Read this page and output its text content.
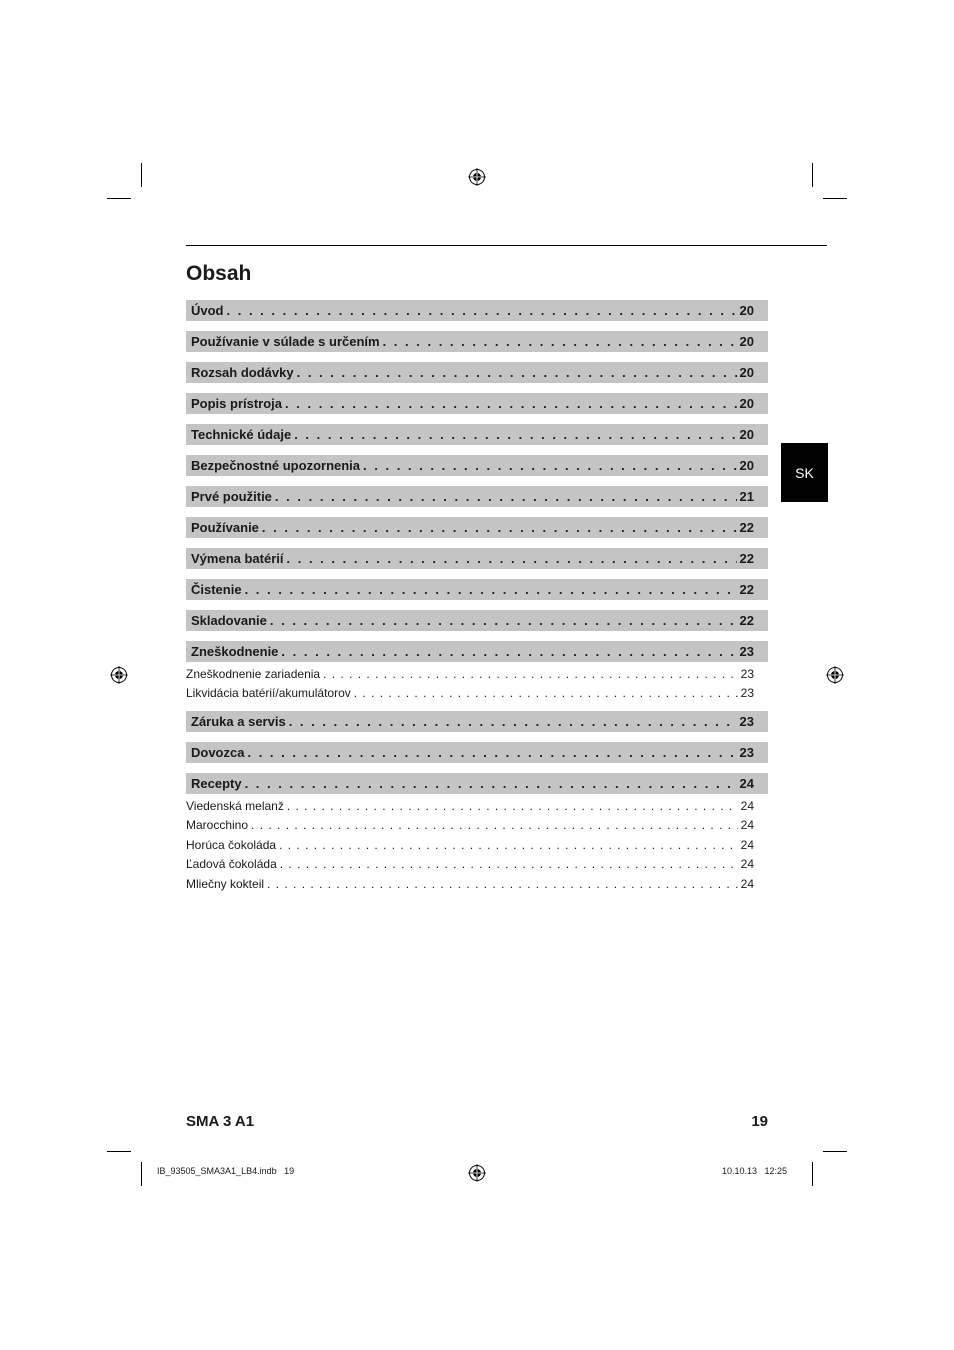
Obsah
Úvod . . .	20
Používanie v súlade s určením . . .	20
Rozsah dodávky . . .	20
Popis prístroja . . .	20
Technické údaje . . .	20
Bezpečnostné upozornenia . . .	20
Prvé použitie . . .	21
Používanie . . .	22
Výmena batérií . . .	22
Čistenie . . .	22
Skladovanie . . .	22
Zneškodnenie . . .	23
Zneškodnenie zariadenia . . .	23
Likvidácia batérií/akumulátorov . . .	23
Záruka a servis . . .	23
Dovozca . . .	23
Recepty . . .	24
Viedenská melanž . . .	24
Marocchino . . .	24
Horúca čokoláda . . .	24
Ľadová čokoláda . . .	24
Mliečny kokteil . . .	24
SK
SMA 3 A1	19
IB_93505_SMA3A1_LB4.indb   19	10.10.13   12:25
